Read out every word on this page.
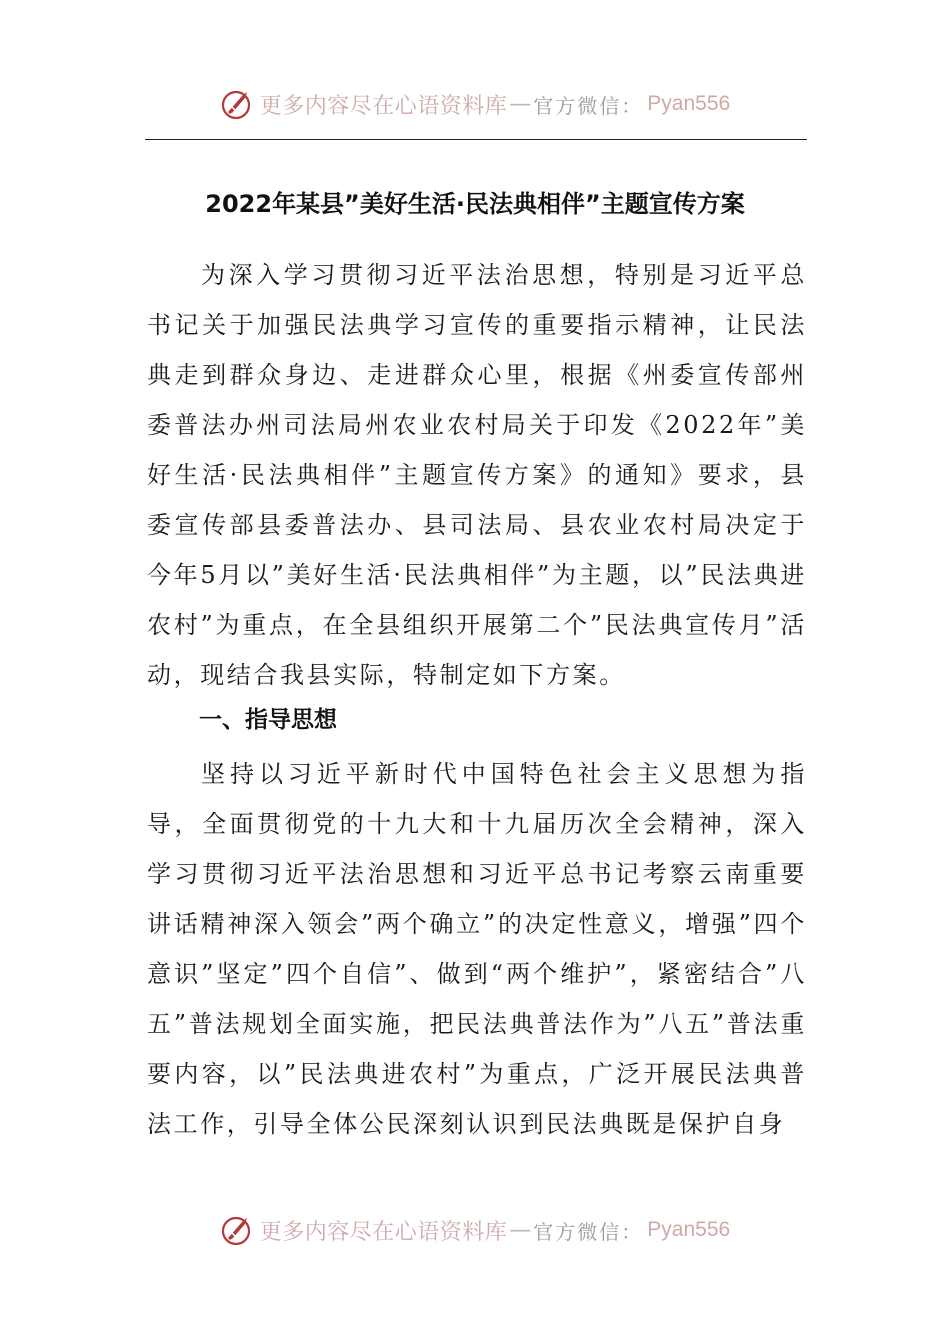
更多内容尽在心语资料库 — 官方微信： Pyan556
2022年某县”美好生活·民法典相伴”主题宣传方案

为深入学习贯彻习近平法治思想，特别是习近平总书记关于加强民法典学习宣传的重要指示精神，让民法典走到群众身边、走进群众心里，根据《州委宣传部州委普法办州司法局州农业农村局关于印发《2022年”美好生活·民法典相伴”主题宣传方案》的通知》要求，县委宣传部县委普法办、县司法局、县农业农村局决定于今年5月以”美好生活·民法典相伴”为主题，以”民法典进农村”为重点，在全县组织开展第二个”民法典宣传月”活动，现结合我县实际，特制定如下方案。

一、指导思想

坚持以习近平新时代中国特色社会主义思想为指导，全面贯彻党的十九大和十九届历次全会精神，深入学习贯彻习近平法治思想和习近平总书记考察云南重要讲话精神深入领会”两个确立”的决定性意义，增强”四个意识”坚定”四个自信”、做到“两个维护”，紧密结合”八五”普法规划全面实施，把民法典普法作为”八五”普法重要内容，以”民法典进农村”为重点，广泛开展民法典普法工作，引导全体公民深刻认识到民法典既是保护自身

更多内容尽在心语资料库 — 官方微信： Pyan556
